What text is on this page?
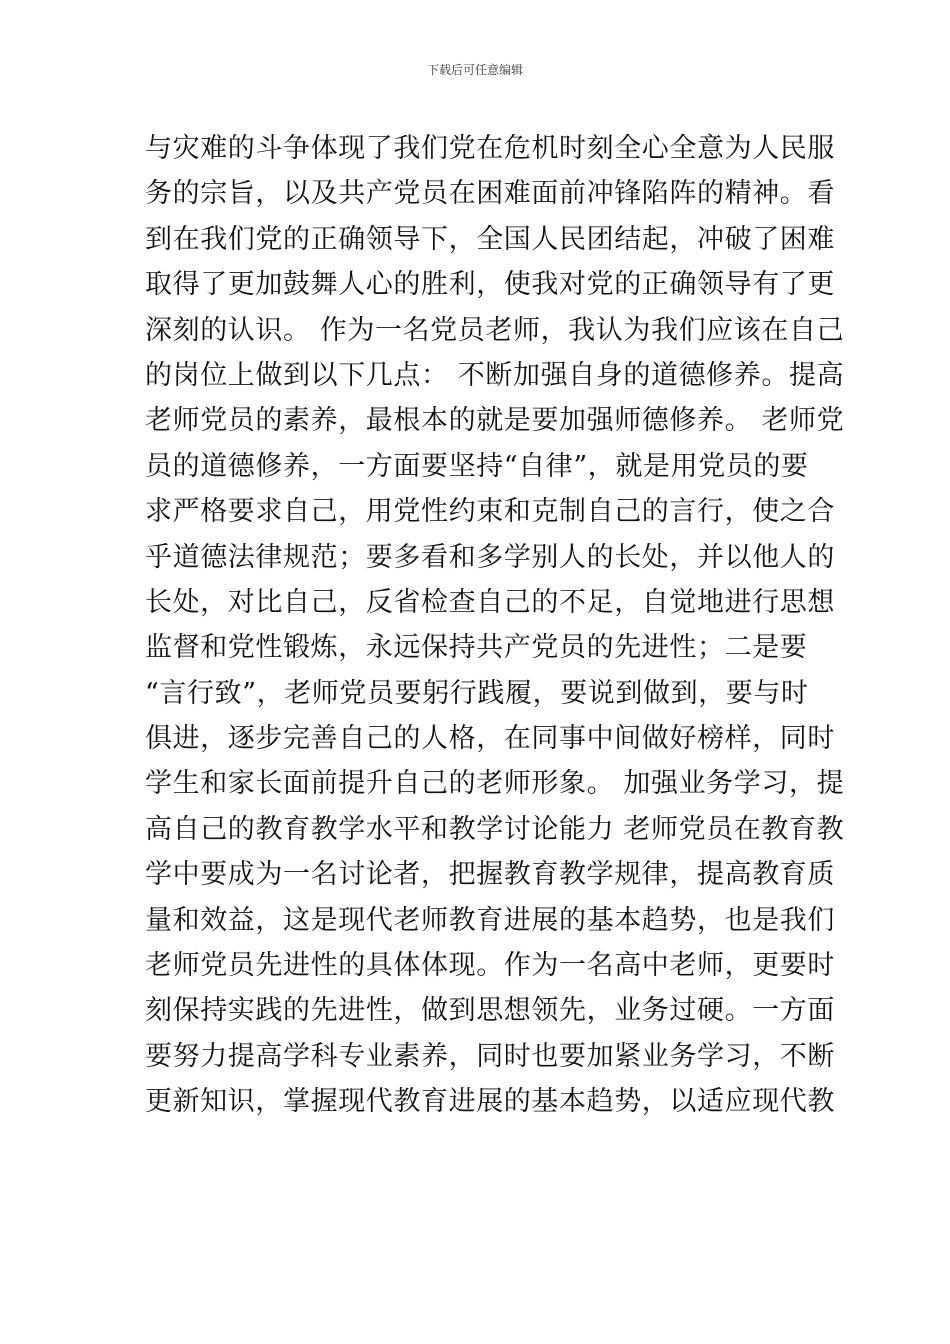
下载后可任意编辑
与灾难的斗争体现了我们党在危机时刻全心全意为人民服
务的宗旨，以及共产党员在困难面前冲锋陷阵的精神。看
到在我们党的正确领导下，全国人民团结起，冲破了困难
取得了更加鼓舞人心的胜利，使我对党的正确领导有了更
深刻的认识。 作为一名党员老师，我认为我们应该在自己
的岗位上做到以下几点： 不断加强自身的道德修养。提高
老师党员的素养，最根本的就是要加强师德修养。 老师党
员的道德修养，一方面要坚持“自律”，就是用党员的要
求严格要求自己，用党性约束和克制自己的言行，使之合
乎道德法律规范；要多看和多学别人的长处，并以他人的
长处，对比自己，反省检查自己的不足，自觉地进行思想
监督和党性锻炼，永远保持共产党员的先进性；二是要
“言行致”，老师党员要躬行践履，要说到做到，要与时
俱进，逐步完善自己的人格，在同事中间做好榜样，同时
学生和家长面前提升自己的老师形象。 加强业务学习，提
高自己的教育教学水平和教学讨论能力 老师党员在教育教
学中要成为一名讨论者，把握教育教学规律，提高教育质
量和效益，这是现代老师教育进展的基本趋势，也是我们
老师党员先进性的具体体现。作为一名高中老师，更要时
刻保持实践的先进性，做到思想领先，业务过硬。一方面
要努力提高学科专业素养，同时也要加紧业务学习，不断
更新知识，掌握现代教育进展的基本趋势，以适应现代教
